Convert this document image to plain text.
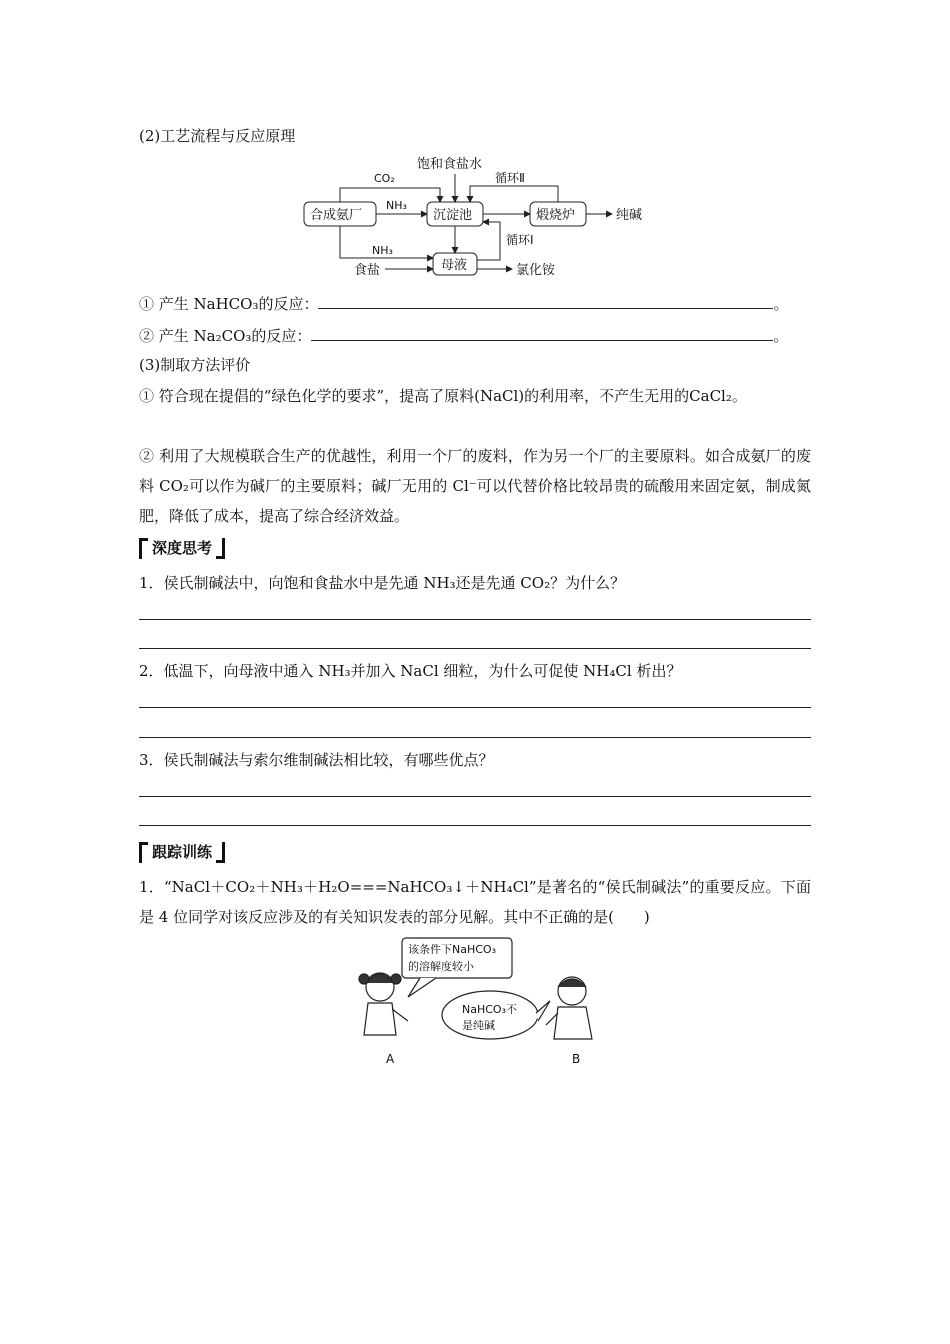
(2)工艺流程与反应原理
饱和食盐水
CO₂	循环Ⅱ
NH₃
合成氨厂	沉淀池	煅烧炉	纯碱
循环Ⅰ
NH₃
母液
食盐	氯化铵
① 产生 NaHCO₃的反应：	。
② 产生 Na₂CO₃的反应：	。
(3)制取方法评价
① 符合现在提倡的“绿色化学的要求”，提高了原料(NaCl)的利用率，不产生无用的CaCl₂。
② 利用了大规模联合生产的优越性，利用一个厂的废料，作为另一个厂的主要原料。如合成氨厂的废料 CO₂可以作为碱厂的主要原料；碱厂无用的 Cl⁻可以代替价格比较昂贵的硫酸用来固定氨，制成氮肥，降低了成本，提高了综合经济效益。
深度思考
1．侯氏制碱法中，向饱和食盐水中是先通 NH₃还是先通 CO₂？为什么？
2．低温下，向母液中通入 NH₃并加入 NaCl 细粒，为什么可促使 NH₄Cl 析出？
3．侯氏制碱法与索尔维制碱法相比较，有哪些优点？
跟踪训练
1．“NaCl＋CO₂＋NH₃＋H₂O===NaHCO₃↓＋NH₄Cl”是著名的“侯氏制碱法”的重要反应。下面是 4 位同学对该反应涉及的有关知识发表的部分见解。其中不正确的是(　　)
该条件下NaHCO₃
的溶解度较小
NaHCO₃不
是纯碱
A	B
